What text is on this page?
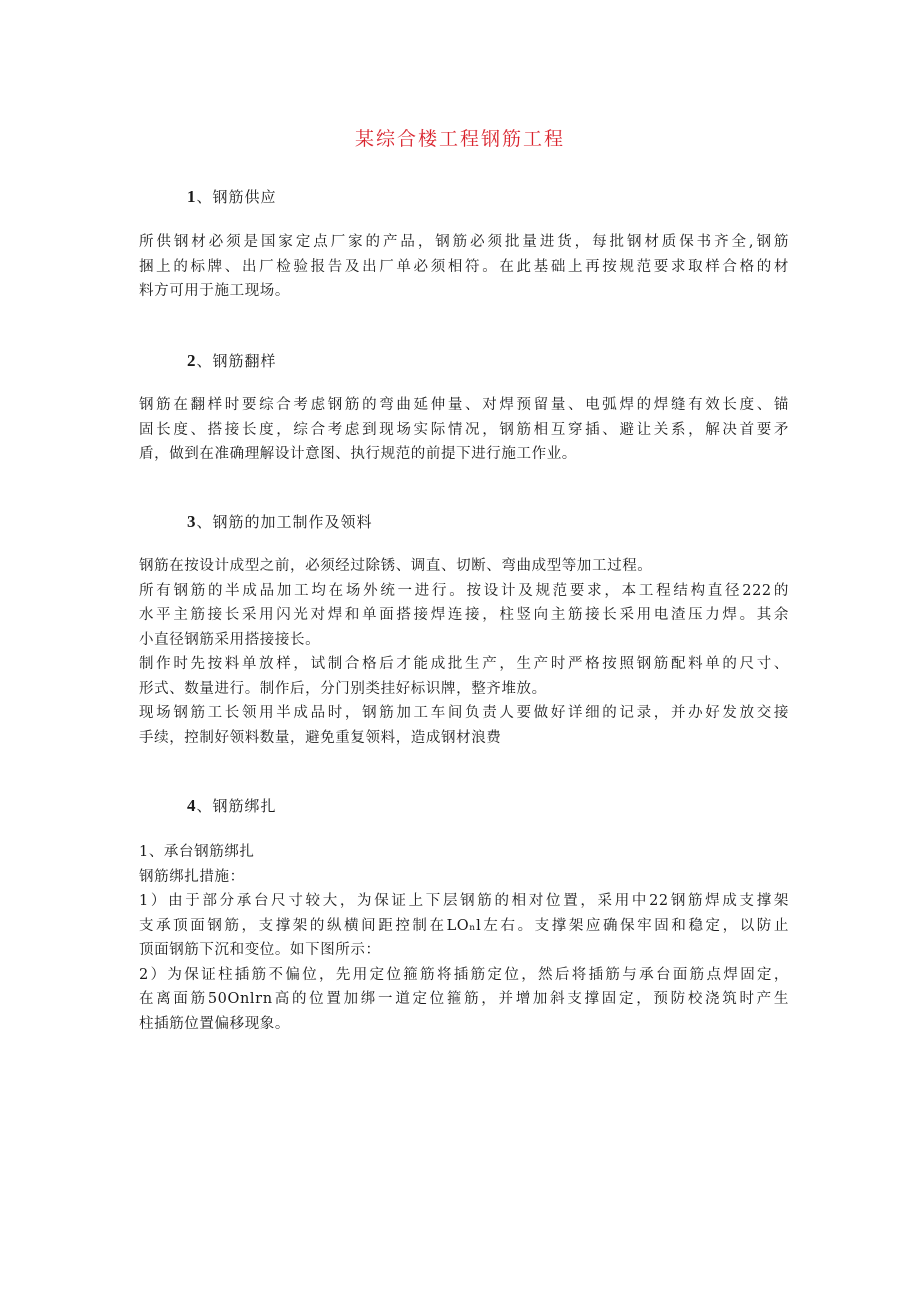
某综合楼工程钢筋工程
1、钢筋供应
所供钢材必须是国家定点厂家的产品，钢筋必须批量进货，每批钢材质保书齐全,钢筋
捆上的标牌、出厂检验报告及出厂单必须相符。在此基础上再按规范要求取样合格的材
料方可用于施工现场。
2、钢筋翻样
钢筋在翻样时要综合考虑钢筋的弯曲延伸量、对焊预留量、电弧焊的焊缝有效长度、锚
固长度、搭接长度，综合考虑到现场实际情况，钢筋相互穿插、避让关系，解决首要矛
盾，做到在准确理解设计意图、执行规范的前提下进行施工作业。
3、钢筋的加工制作及领料
钢筋在按设计成型之前，必须经过除锈、调直、切断、弯曲成型等加工过程。
所有钢筋的半成品加工均在场外统一进行。按设计及规范要求，本工程结构直径222的
水平主筋接长采用闪光对焊和单面搭接焊连接，柱竖向主筋接长采用电渣压力焊。其余
小直径钢筋采用搭接接长。
制作时先按料单放样，试制合格后才能成批生产，生产时严格按照钢筋配料单的尺寸、
形式、数量进行。制作后，分门别类挂好标识牌，整齐堆放。
现场钢筋工长领用半成品时，钢筋加工车间负责人要做好详细的记录，并办好发放交接
手续，控制好领料数量，避免重复领料，造成钢材浪费
4、钢筋绑扎
1、承台钢筋绑扎
钢筋绑扎措施：
1）由于部分承台尺寸较大，为保证上下层钢筋的相对位置，采用中22钢筋焊成支撑架
支承顶面钢筋，支撑架的纵横间距控制在LOₙl左右。支撑架应确保牢固和稳定，以防止
顶面钢筋下沉和变位。如下图所示：
2）为保证柱插筋不偏位，先用定位箍筋将插筋定位，然后将插筋与承台面筋点焊固定，
在离面筋50Onlrn高的位置加绑一道定位箍筋，并增加斜支撑固定，预防校浇筑时产生
柱插筋位置偏移现象。
